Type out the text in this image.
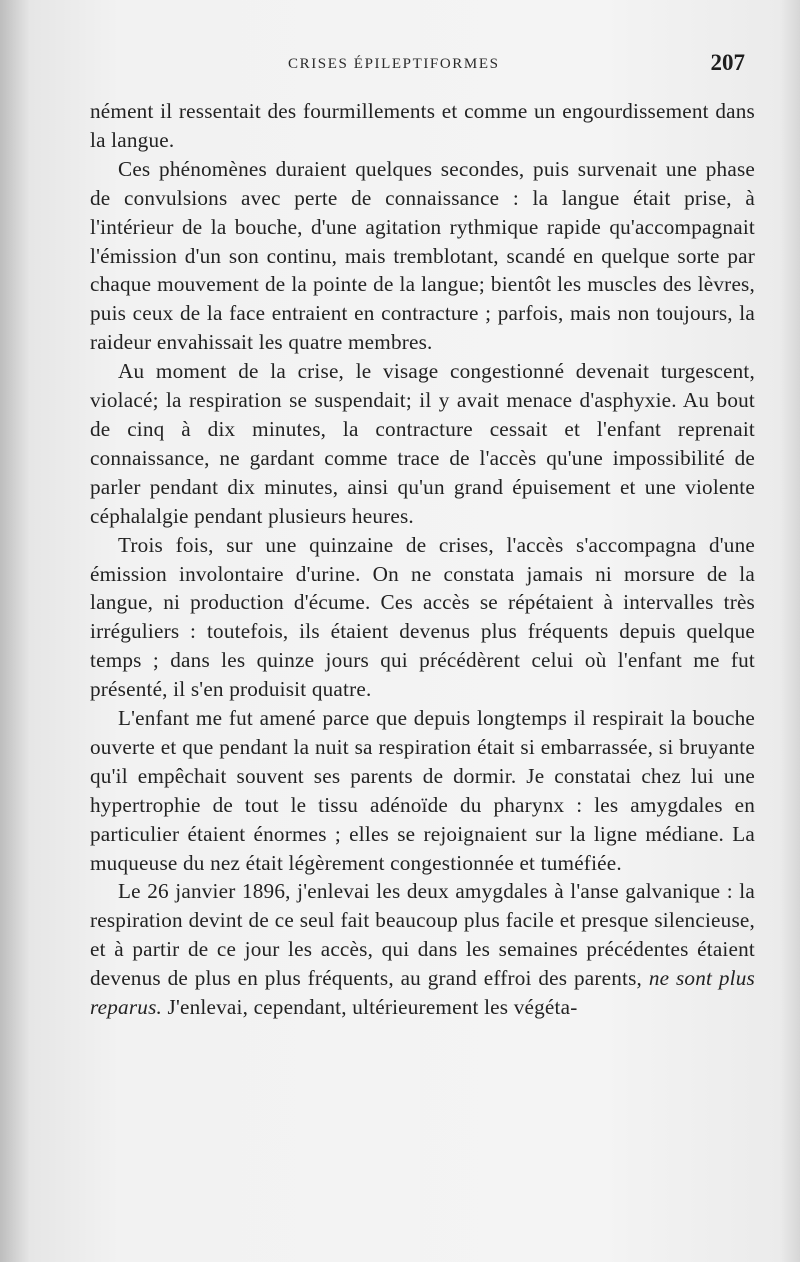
CRISES ÉPILEPTIFORMES	207

nément il ressentait des fourmillements et comme un engourdissement dans la langue.

Ces phénomènes duraient quelques secondes, puis survenait une phase de convulsions avec perte de connaissance : la langue était prise, à l'intérieur de la bouche, d'une agitation rythmique rapide qu'accompagnait l'émission d'un son continu, mais tremblotant, scandé en quelque sorte par chaque mouvement de la pointe de la langue; bientôt les muscles des lèvres, puis ceux de la face entraient en contracture ; parfois, mais non toujours, la raideur envahissait les quatre membres.

Au moment de la crise, le visage congestionné devenait turgescent, violacé; la respiration se suspendait; il y avait menace d'asphyxie. Au bout de cinq à dix minutes, la contracture cessait et l'enfant reprenait connaissance, ne gardant comme trace de l'accès qu'une impossibilité de parler pendant dix minutes, ainsi qu'un grand épuisement et une violente céphalalgie pendant plusieurs heures.

Trois fois, sur une quinzaine de crises, l'accès s'accompagna d'une émission involontaire d'urine. On ne constata jamais ni morsure de la langue, ni production d'écume. Ces accès se répétaient à intervalles très irréguliers : toutefois, ils étaient devenus plus fréquents depuis quelque temps ; dans les quinze jours qui précédèrent celui où l'enfant me fut présenté, il s'en produisit quatre.

L'enfant me fut amené parce que depuis longtemps il respirait la bouche ouverte et que pendant la nuit sa respiration était si embarrassée, si bruyante qu'il empêchait souvent ses parents de dormir. Je constatai chez lui une hypertrophie de tout le tissu adénoïde du pharynx : les amygdales en particulier étaient énormes ; elles se rejoignaient sur la ligne médiane. La muqueuse du nez était légèrement congestionnée et tuméfiée.

Le 26 janvier 1896, j'enlevai les deux amygdales à l'anse galvanique : la respiration devint de ce seul fait beaucoup plus facile et presque silencieuse, et à partir de ce jour les accès, qui dans les semaines précédentes étaient devenus de plus en plus fréquents, au grand effroi des parents, ne sont plus reparus. J'enlevai, cependant, ultérieurement les végéta-
